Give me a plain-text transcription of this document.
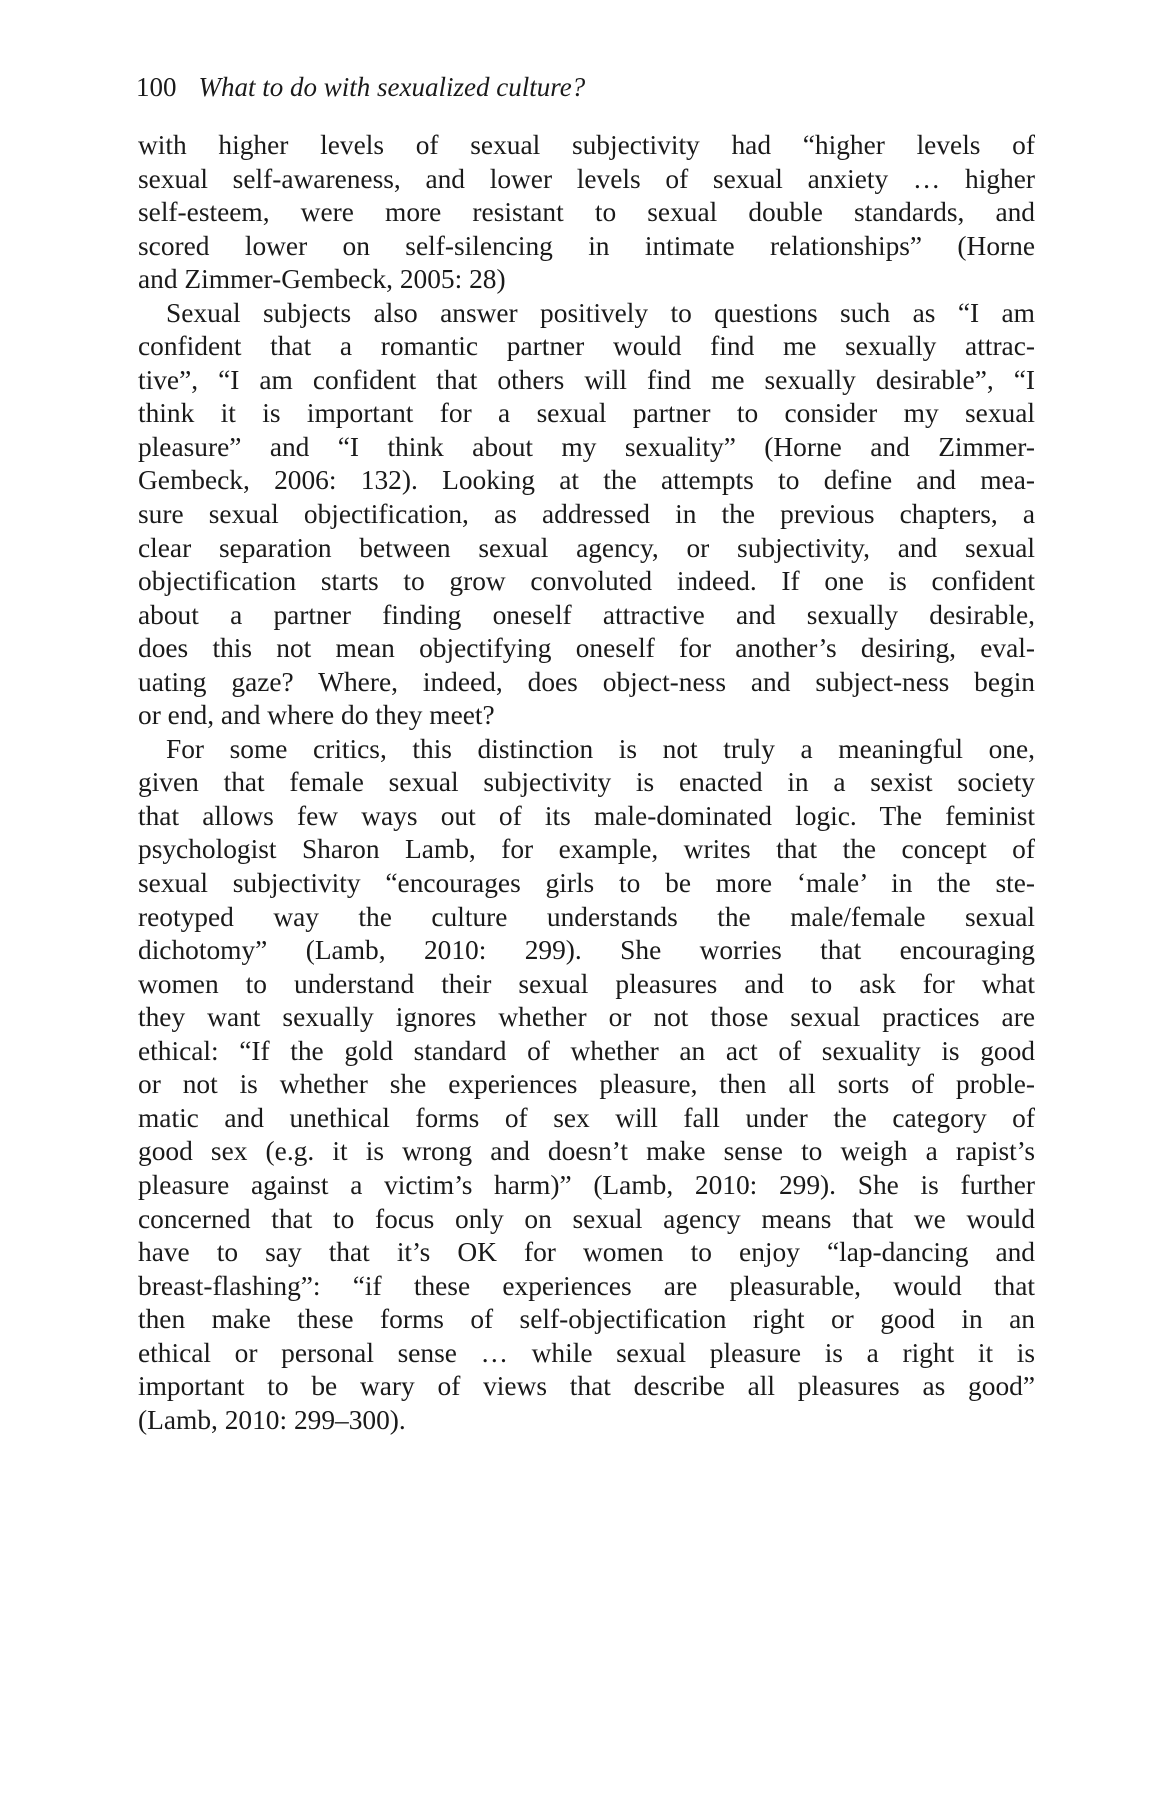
100 What to do with sexualized culture?
with higher levels of sexual subjectivity had “higher levels of
sexual self-awareness, and lower levels of sexual anxiety … higher
self-esteem, were more resistant to sexual double standards, and
scored lower on self-silencing in intimate relationships” (Horne
and Zimmer-Gembeck, 2005: 28)
Sexual subjects also answer positively to questions such as “I am
confident that a romantic partner would find me sexually attrac-
tive”, “I am confident that others will find me sexually desirable”, “I
think it is important for a sexual partner to consider my sexual
pleasure” and “I think about my sexuality” (Horne and Zimmer-
Gembeck, 2006: 132). Looking at the attempts to define and mea-
sure sexual objectification, as addressed in the previous chapters, a
clear separation between sexual agency, or subjectivity, and sexual
objectification starts to grow convoluted indeed. If one is confident
about a partner finding oneself attractive and sexually desirable,
does this not mean objectifying oneself for another’s desiring, eval-
uating gaze? Where, indeed, does object-ness and subject-ness begin
or end, and where do they meet?
For some critics, this distinction is not truly a meaningful one,
given that female sexual subjectivity is enacted in a sexist society
that allows few ways out of its male-dominated logic. The feminist
psychologist Sharon Lamb, for example, writes that the concept of
sexual subjectivity “encourages girls to be more ‘male’ in the ste-
reotyped way the culture understands the male/female sexual
dichotomy” (Lamb, 2010: 299). She worries that encouraging
women to understand their sexual pleasures and to ask for what
they want sexually ignores whether or not those sexual practices are
ethical: “If the gold standard of whether an act of sexuality is good
or not is whether she experiences pleasure, then all sorts of proble-
matic and unethical forms of sex will fall under the category of
good sex (e.g. it is wrong and doesn’t make sense to weigh a rapist’s
pleasure against a victim’s harm)” (Lamb, 2010: 299). She is further
concerned that to focus only on sexual agency means that we would
have to say that it’s OK for women to enjoy “lap-dancing and
breast-flashing”: “if these experiences are pleasurable, would that
then make these forms of self-objectification right or good in an
ethical or personal sense … while sexual pleasure is a right it is
important to be wary of views that describe all pleasures as good”
(Lamb, 2010: 299–300).
